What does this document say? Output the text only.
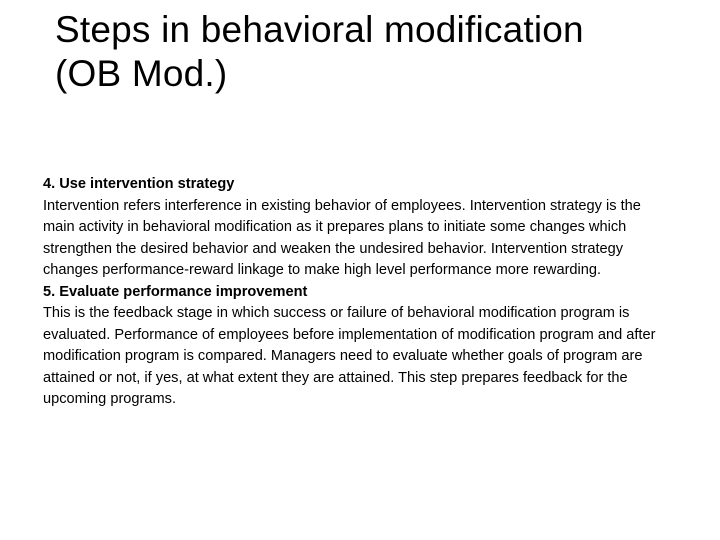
Steps in behavioral modification
(OB Mod.)

4. Use intervention strategy

Intervention refers interference in existing behavior of employees. Intervention strategy is the main activity in behavioral modification as it prepares plans to initiate some changes which strengthen the desired behavior and weaken the undesired behavior. Intervention strategy changes performance-reward linkage to make high level performance more rewarding.

5. Evaluate performance improvement

This is the feedback stage in which success or failure of behavioral modification program is evaluated. Performance of employees before implementation of modification program and after modification program is compared. Managers need to evaluate whether goals of program are attained or not, if yes, at what extent they are attained. This step prepares feedback for the upcoming programs.
